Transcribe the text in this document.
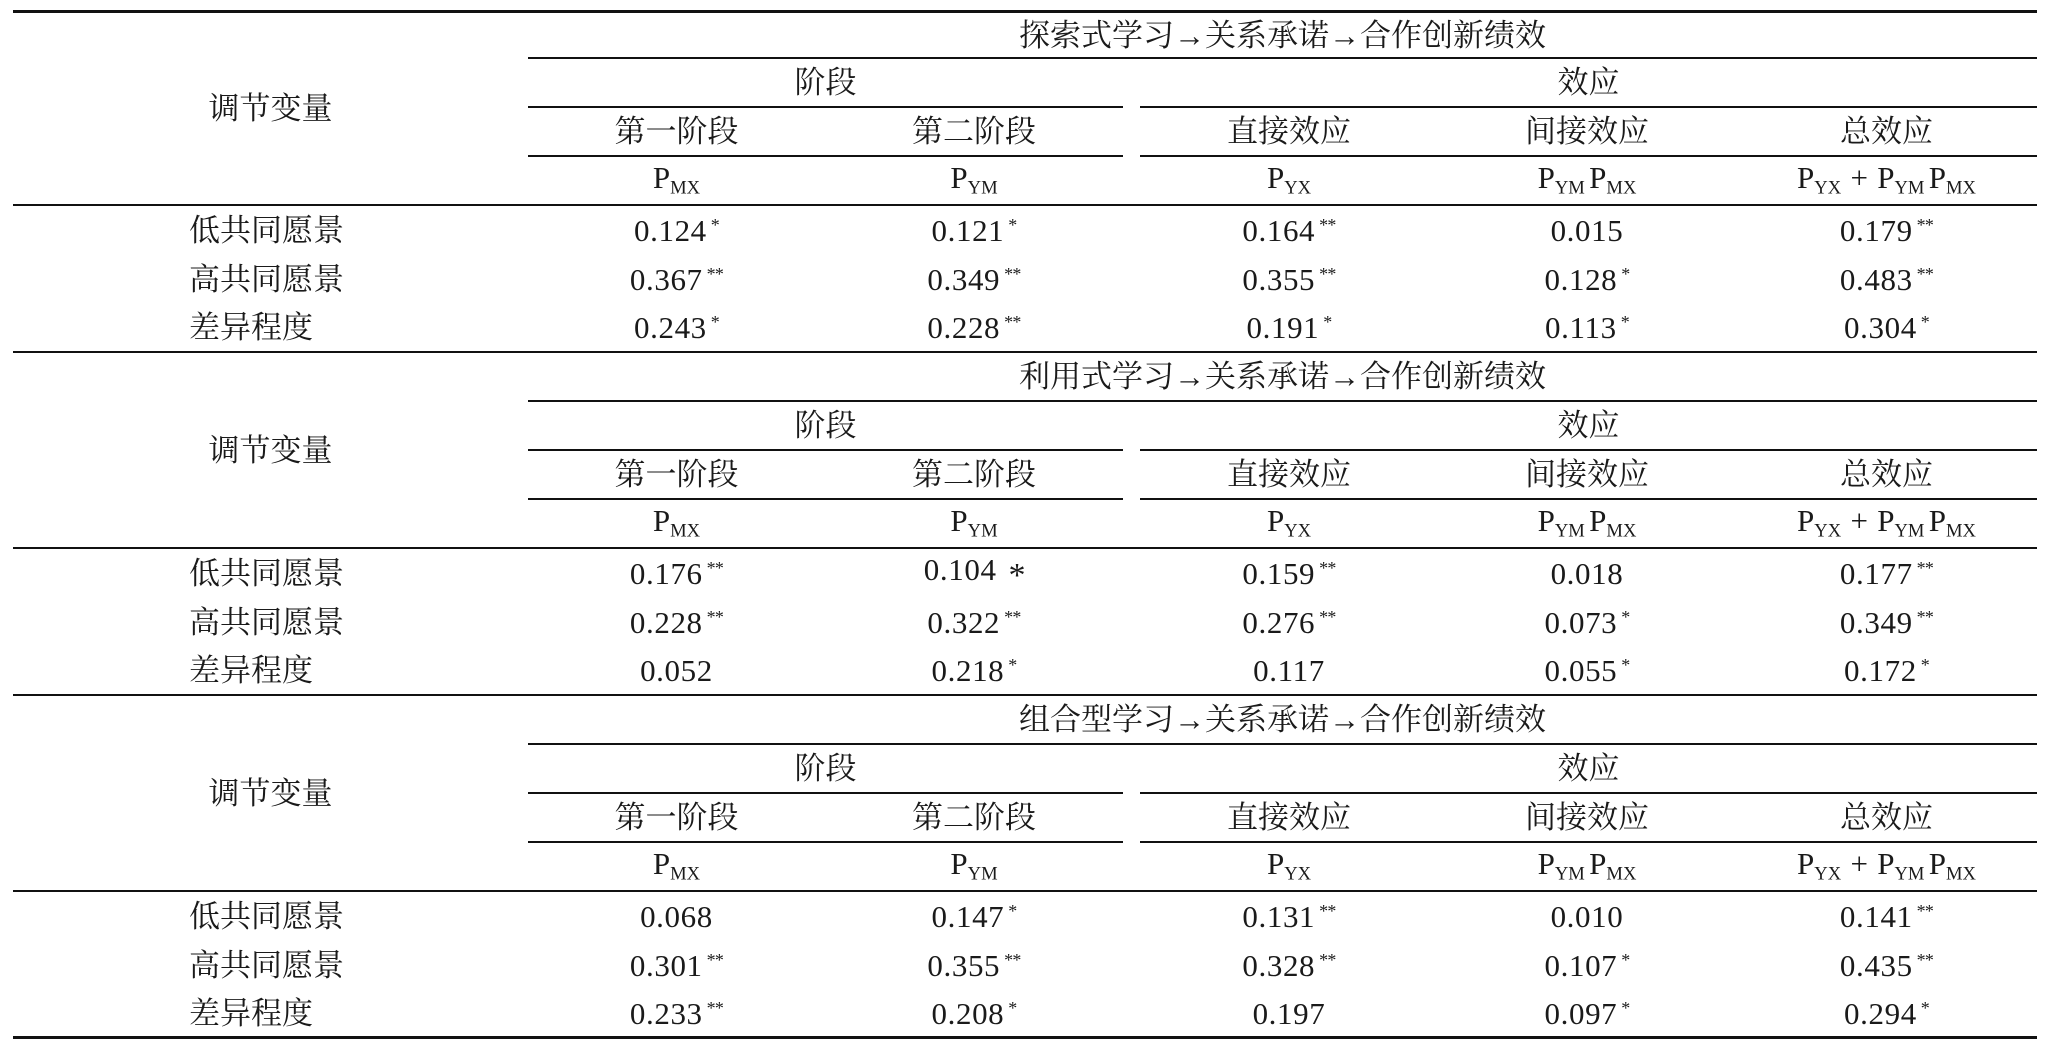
调节变量	探索式学习→关系承诺→合作创新绩效					
	阶段			效应		
	第一阶段	第二阶段		直接效应	间接效应	总效应
	$P_{MX}$	$P_{YM}$		$P_{YX}$	$P_{YM}$ $P_{MX}$	$P_{YX} + P_{YM}$ $P_{MX}$
低共同愿景	0.124 *	0.121 *		0.164 **	0.015	0.179 **
高共同愿景	0.367 **	0.349 **		0.355 **	0.128 *	0.483 **
差异程度	0.243 *	0.228 **		0.191 *	0.113 *	0.304 *
调节变量	利用式学习→关系承诺→合作创新绩效					
	阶段			效应		
	第一阶段	第二阶段		直接效应	间接效应	总效应
	$P_{MX}$	$P_{YM}$		$P_{YX}$	$P_{YM}$ $P_{MX}$	$P_{YX} + P_{YM}$ $P_{MX}$
低共同愿景	0.176 **	0.104 *		0.159 **	0.018	0.177 **
高共同愿景	0.228 **	0.322 **		0.276 **	0.073 *	0.349 **
差异程度	0.052	0.218 *		0.117	0.055 *	0.172 *
调节变量	组合型学习→关系承诺→合作创新绩效					
	阶段			效应		
	第一阶段	第二阶段		直接效应	间接效应	总效应
	$P_{MX}$	$P_{YM}$		$P_{YX}$	$P_{YM}$ $P_{MX}$	$P_{YX} + P_{YM}$ $P_{MX}$
低共同愿景	0.068	0.147 *		0.131 **	0.010	0.141 **
高共同愿景	0.301 **	0.355 **		0.328 **	0.107 *	0.435 **
差异程度	0.233 **	0.208 *		0.197	0.097 *	0.294 *
